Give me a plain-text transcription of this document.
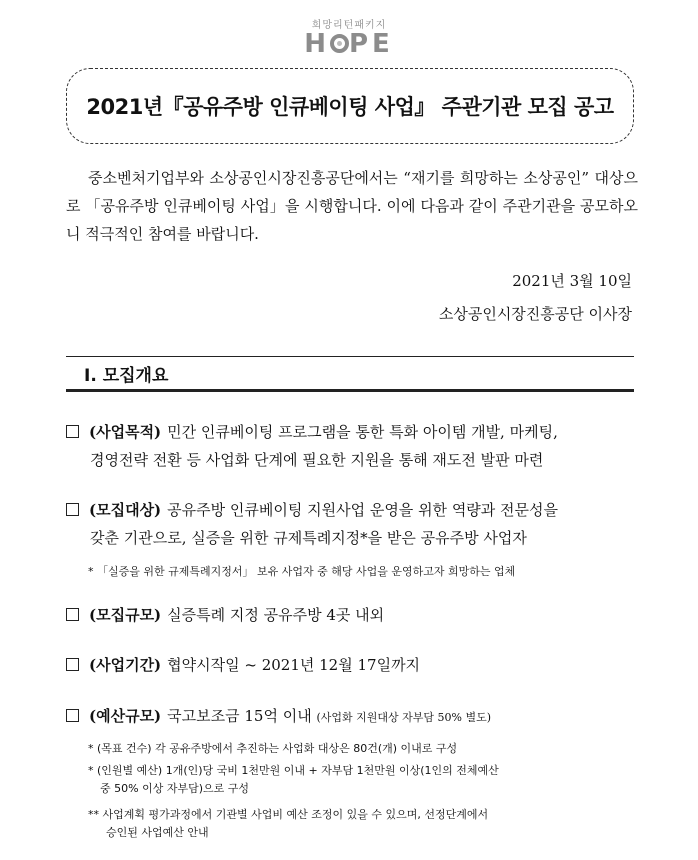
희망리턴패키지
H PE
2021년『공유주방 인큐베이팅 사업』 주관기관 모집 공고

중소벤처기업부와 소상공인시장진흥공단에서는 “재기를 희망하는 소상공인” 대상으로 「공유주방 인큐베이팅 사업」을 시행합니다. 이에 다음과 같이 주관기관을 공모하오니 적극적인 참여를 바랍니다.

2021년 3월 10일
소상공인시장진흥공단 이사장
Ⅰ. 모집개요
(사업목적) 민간 인큐베이팅 프로그램을 통한 특화 아이템 개발, 마케팅,
경영전략 전환 등 사업화 단계에 필요한 지원을 통해 재도전 발판 마련
(모집대상) 공유주방 인큐베이팅 지원사업 운영을 위한 역량과 전문성을
갖춘 기관으로, 실증을 위한 규제특례지정*을 받은 공유주방 사업자
* 「실증을 위한 규제특례지정서」 보유 사업자 중 해당 사업을 운영하고자 희망하는 업체
(모집규모) 실증특례 지정 공유주방 4곳 내외
(사업기간) 협약시작일 ~ 2021년 12월 17일까지
(예산규모) 국고보조금 15억 이내 (사업화 지원대상 자부담 50% 별도)
* (목표 건수) 각 공유주방에서 추진하는 사업화 대상은 80건(개) 이내로 구성
* (인원별 예산) 1개(인)당 국비 1천만원 이내 + 자부담 1천만원 이상(1인의 전체예산
중 50% 이상 자부담)으로 구성
** 사업계획 평가과정에서 기관별 사업비 예산 조정이 있을 수 있으며, 선정단계에서
승인된 사업예산 안내
